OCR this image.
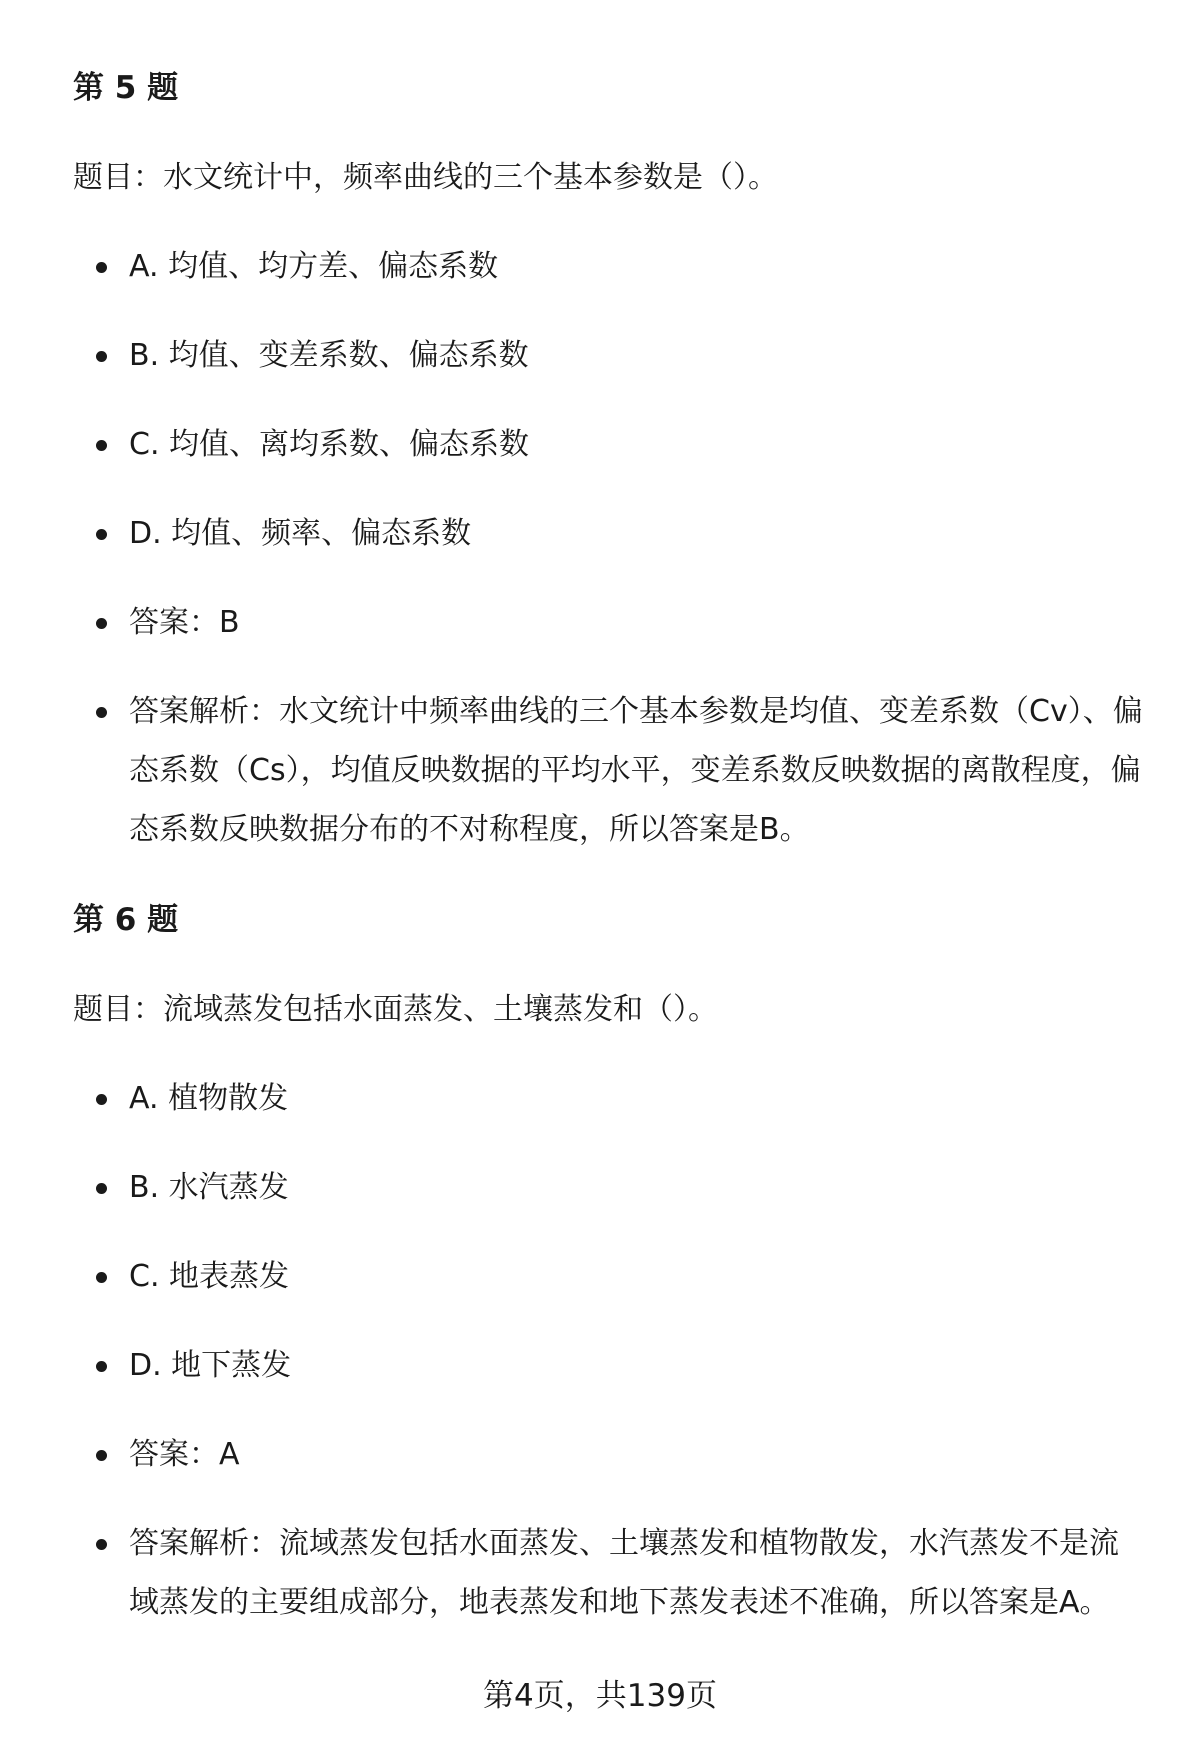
第 5 题
题目：水文统计中，频率曲线的三个基本参数是（）。
A. 均值、均方差、偏态系数
B. 均值、变差系数、偏态系数
C. 均值、离均系数、偏态系数
D. 均值、频率、偏态系数
答案：B
答案解析：水文统计中频率曲线的三个基本参数是均值、变差系数（Cv）、偏态系数（Cs），均值反映数据的平均水平，变差系数反映数据的离散程度，偏态系数反映数据分布的不对称程度，所以答案是B。
第 6 题
题目：流域蒸发包括水面蒸发、土壤蒸发和（）。
A. 植物散发
B. 水汽蒸发
C. 地表蒸发
D. 地下蒸发
答案：A
答案解析：流域蒸发包括水面蒸发、土壤蒸发和植物散发，水汽蒸发不是流域蒸发的主要组成部分，地表蒸发和地下蒸发表述不准确，所以答案是A。
第4页，共139页
